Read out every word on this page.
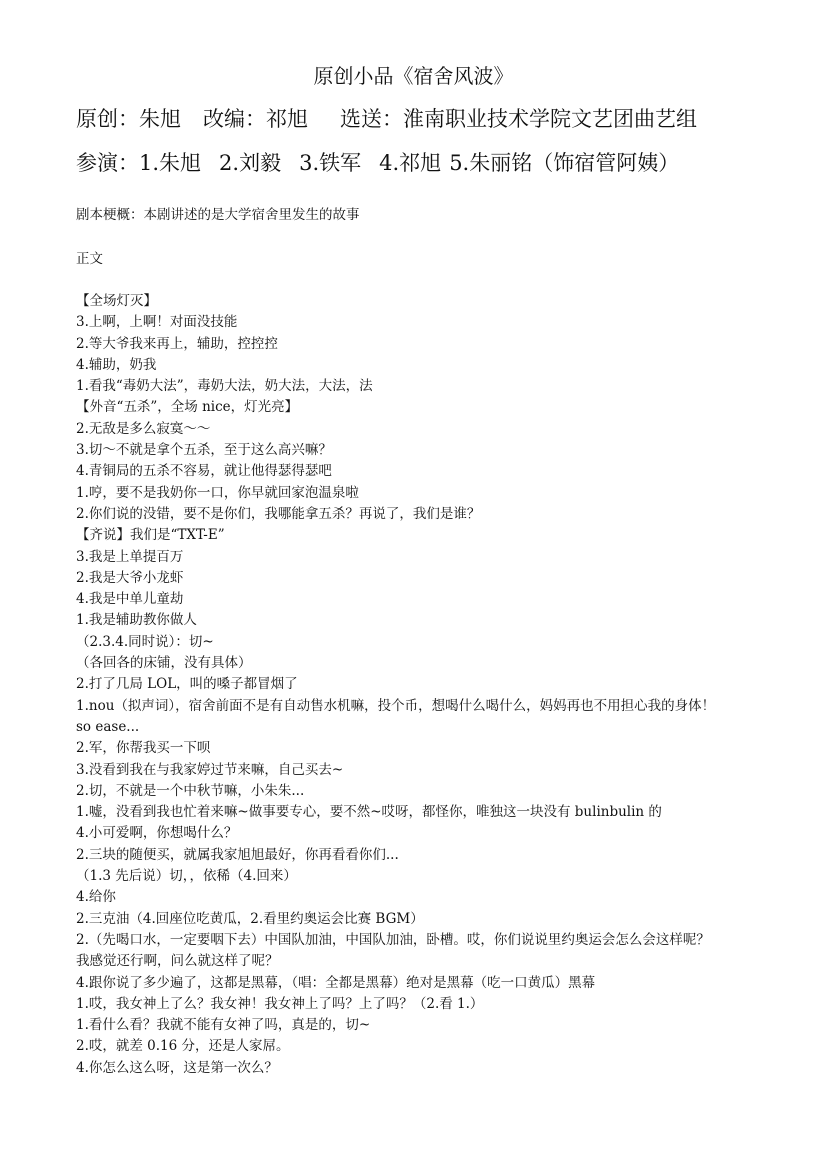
原创小品《宿舍风波》
原创：朱旭 改编：祁旭 选送：淮南职业技术学院文艺团曲艺组
参演：1.朱旭 2.刘毅 3.铁军 4.祁旭 5.朱丽铭（饰宿管阿姨）
剧本梗概：本剧讲述的是大学宿舍里发生的故事
正文

【全场灯灭】

3.上啊，上啊！对面没技能

2.等大爷我来再上，辅助，控控控

4.辅助，奶我

1.看我“毒奶大法”，毒奶大法，奶大法，大法，法

【外音“五杀”，全场 nice，灯光亮】

2.无敌是多么寂寞～～

3.切～不就是拿个五杀，至于这么高兴嘛？

4.青铜局的五杀不容易，就让他得瑟得瑟吧

1.哼，要不是我奶你一口，你早就回家泡温泉啦

2.你们说的没错，要不是你们，我哪能拿五杀？再说了，我们是谁？

【齐说】我们是“TXT-E”

3.我是上单提百万

2.我是大爷小龙虾

4.我是中单儿童劫

1.我是辅助教你做人

（2.3.4.同时说）：切~

（各回各的床铺，没有具体）

2.打了几局 LOL，叫的嗓子都冒烟了

1.nou（拟声词），宿舍前面不是有自动售水机嘛，投个币，想喝什么喝什么，妈妈再也不用担心我的身体！so ease...

2.军，你帮我买一下呗

3.没看到我在与我家婷过节来嘛，自己买去~

2.切，不就是一个中秋节嘛，小朱朱...

1.嘘，没看到我也忙着来嘛~做事要专心，要不然~哎呀，都怪你，唯独这一块没有 bulinbulin 的

4.小可爱啊，你想喝什么？

2.三块的随便买，就属我家旭旭最好，你再看看你们...

（1.3 先后说）切，，依稀（4.回来）

4.给你

2.三克油（4.回座位吃黄瓜，2.看里约奥运会比赛 BGM）

2.（先喝口水，一定要咽下去）中国队加油，中国队加油，卧槽。哎，你们说说里约奥运会怎么会这样呢？我感觉还行啊，问么就这样了呢？

4.跟你说了多少遍了，这都是黑幕，（唱：全都是黑幕）绝对是黑幕（吃一口黄瓜）黑幕

1.哎，我女神上了么？我女神！我女神上了吗？上了吗？（2.看 1.）

1.看什么看？我就不能有女神了吗，真是的，切~

2.哎，就差 0.16 分，还是人家屌。

4.你怎么这么呀，这是第一次么？
